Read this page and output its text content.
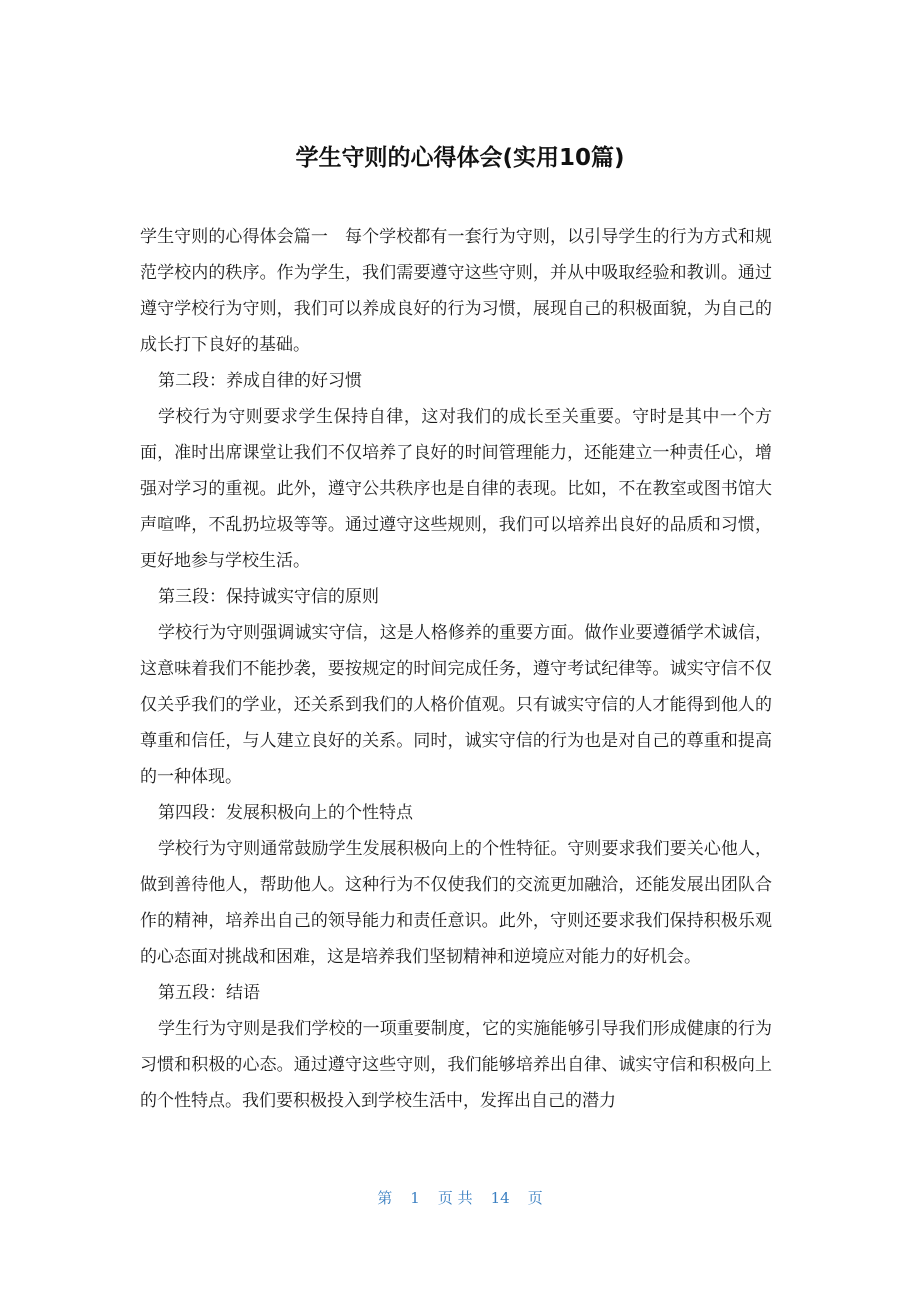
学生守则的心得体会(实用10篇)

学生守则的心得体会篇一　每个学校都有一套行为守则，以引导学生的行为方式和规范学校内的秩序。作为学生，我们需要遵守这些守则，并从中吸取经验和教训。通过遵守学校行为守则，我们可以养成良好的行为习惯，展现自己的积极面貌，为自己的成长打下良好的基础。

第二段：养成自律的好习惯

学校行为守则要求学生保持自律，这对我们的成长至关重要。守时是其中一个方面，准时出席课堂让我们不仅培养了良好的时间管理能力，还能建立一种责任心，增强对学习的重视。此外，遵守公共秩序也是自律的表现。比如，不在教室或图书馆大声喧哗，不乱扔垃圾等等。通过遵守这些规则，我们可以培养出良好的品质和习惯，更好地参与学校生活。

第三段：保持诚实守信的原则

学校行为守则强调诚实守信，这是人格修养的重要方面。做作业要遵循学术诚信，这意味着我们不能抄袭，要按规定的时间完成任务，遵守考试纪律等。诚实守信不仅仅关乎我们的学业，还关系到我们的人格价值观。只有诚实守信的人才能得到他人的尊重和信任，与人建立良好的关系。同时，诚实守信的行为也是对自己的尊重和提高的一种体现。

第四段：发展积极向上的个性特点

学校行为守则通常鼓励学生发展积极向上的个性特征。守则要求我们要关心他人，做到善待他人，帮助他人。这种行为不仅使我们的交流更加融洽，还能发展出团队合作的精神，培养出自己的领导能力和责任意识。此外，守则还要求我们保持积极乐观的心态面对挑战和困难，这是培养我们坚韧精神和逆境应对能力的好机会。

第五段：结语

学生行为守则是我们学校的一项重要制度，它的实施能够引导我们形成健康的行为习惯和积极的心态。通过遵守这些守则，我们能够培养出自律、诚实守信和积极向上的个性特点。我们要积极投入到学校生活中，发挥出自己的潜力

第 1 页 共 14 页
